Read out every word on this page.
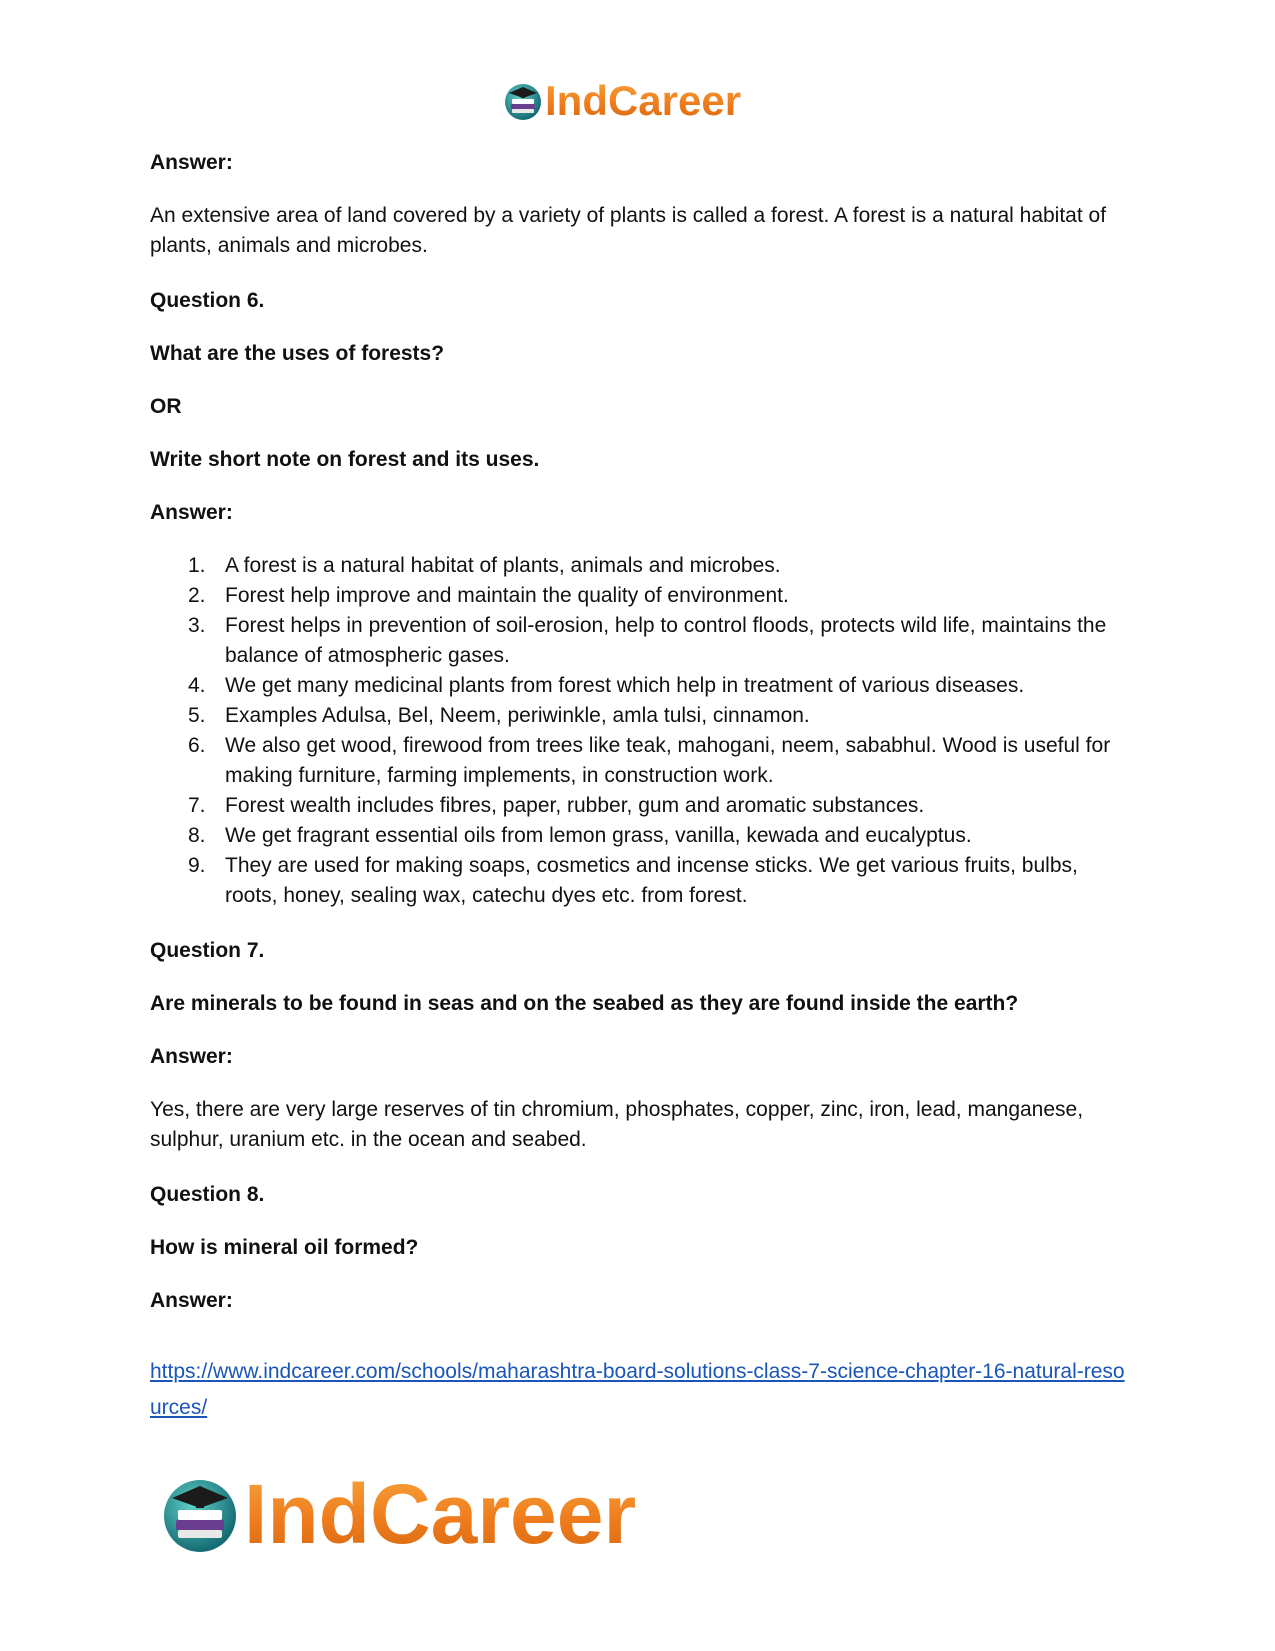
IndCareer

Answer:

An extensive area of land covered by a variety of plants is called a forest. A forest is a natural habitat of plants, animals and microbes.

Question 6.

What are the uses of forests?

OR

Write short note on forest and its uses.

Answer:

1. A forest is a natural habitat of plants, animals and microbes.
2. Forest help improve and maintain the quality of environment.
3. Forest helps in prevention of soil-erosion, help to control floods, protects wild life, maintains the balance of atmospheric gases.
4. We get many medicinal plants from forest which help in treatment of various diseases.
5. Examples Adulsa, Bel, Neem, periwinkle, amla tulsi, cinnamon.
6. We also get wood, firewood from trees like teak, mahogani, neem, sababhul. Wood is useful for making furniture, farming implements, in construction work.
7. Forest wealth includes fibres, paper, rubber, gum and aromatic substances.
8. We get fragrant essential oils from lemon grass, vanilla, kewada and eucalyptus.
9. They are used for making soaps, cosmetics and incense sticks. We get various fruits, bulbs, roots, honey, sealing wax, catechu dyes etc. from forest.

Question 7.

Are minerals to be found in seas and on the seabed as they are found inside the earth?

Answer:

Yes, there are very large reserves of tin chromium, phosphates, copper, zinc, iron, lead, manganese, sulphur, uranium etc. in the ocean and seabed.

Question 8.

How is mineral oil formed?

Answer:

https://www.indcareer.com/schools/maharashtra-board-solutions-class-7-science-chapter-16-natural-resources/
IndCareer
